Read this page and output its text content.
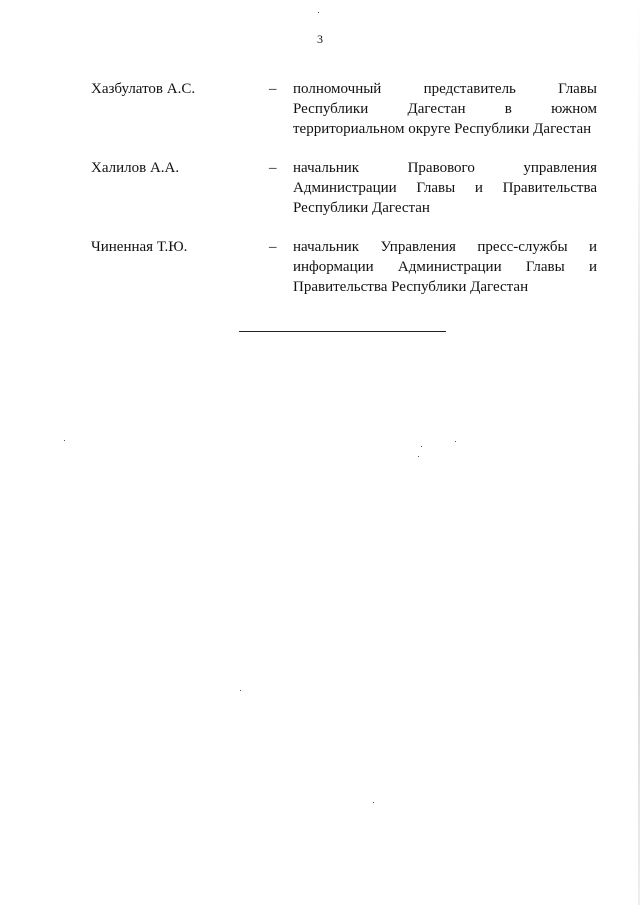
3
Хазбулатов А.С.	–	полномочный представитель Главы Республики Дагестан в южном территориальном округе Республики Дагестан
Халилов А.А.	–	начальник Правового управления Администрации Главы и Правительства Республики Дагестан
Чиненная Т.Ю.	–	начальник Управления пресс-службы и информации Администрации Главы и Правительства Республики Дагестан
